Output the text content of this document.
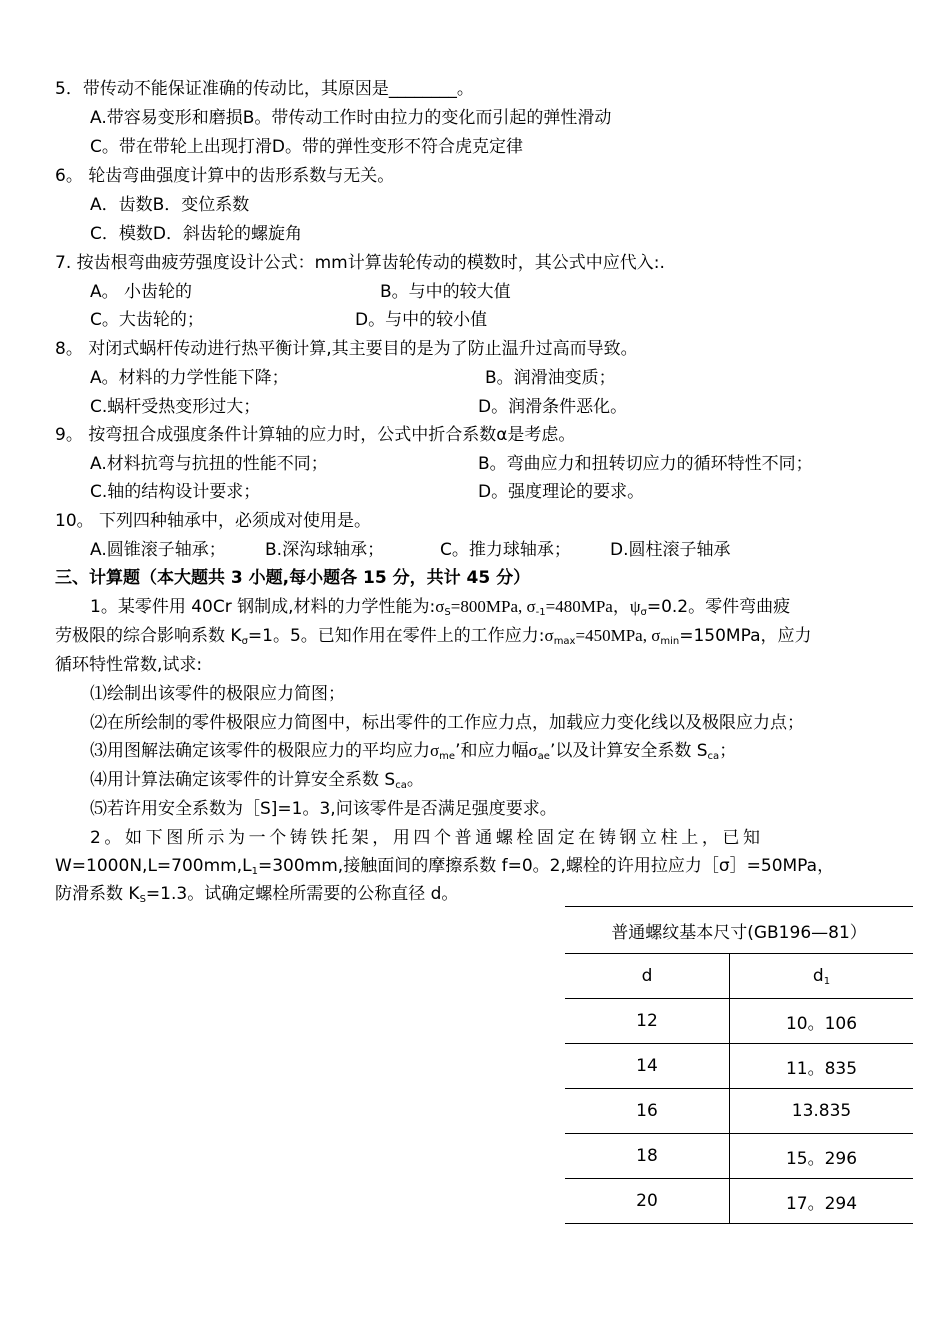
5．带传动不能保证准确的传动比，其原因是________。
A.带容易变形和磨损B。带传动工作时由拉力的变化而引起的弹性滑动
C。带在带轮上出现打滑D。带的弹性变形不符合虎克定律
6。 轮齿弯曲强度计算中的齿形系数与无关。
A．齿数B．变位系数
C．模数D．斜齿轮的螺旋角
7. 按齿根弯曲疲劳强度设计公式：mm计算齿轮传动的模数时，其公式中应代入:.
A。 小齿轮的	B。与中的较大值
C。大齿轮的；	D。与中的较小值
8。 对闭式蜗杆传动进行热平衡计算,其主要目的是为了防止温升过高而导致。
A。材料的力学性能下降；	B。润滑油变质；
C.蜗杆受热变形过大；	D。润滑条件恶化。
9。 按弯扭合成强度条件计算轴的应力时，公式中折合系数α是考虑。
A.材料抗弯与抗扭的性能不同；	B。弯曲应力和扭转切应力的循环特性不同；
C.轴的结构设计要求；	D。强度理论的要求。
10。 下列四种轴承中，必须成对使用是。
A.圆锥滚子轴承； B.深沟球轴承；	C。推力球轴承； D.圆柱滚子轴承
三、计算题（本大题共 3 小题,每小题各 15 分，共计 45 分）
1。某零件用 40Cr 钢制成,材料的力学性能为$:\sigma_S=800MPa$, $\sigma_{-1}=480MPa$，$\psi_\sigma=0.2$。零件弯曲疲
劳极限的综合影响系数 $K_\sigma=1$。5。已知作用在零件上的工作应力$:\sigma_{max}=450MPa$, $\sigma_{min}=150MPa$，应力
循环特性常数,试求:
⑴绘制出该零件的极限应力简图；
⑵在所绘制的零件极限应力简图中，标出零件的工作应力点，加载应力变化线以及极限应力点；
⑶用图解法确定该零件的极限应力的平均应力$\sigma_{me}$’和应力幅$\sigma_{ae}$’以及计算安全系数 $S_{ca}$；
⑷用计算法确定该零件的计算安全系数 $S_{ca}$。
⑸若许用安全系数为［S]=1。3,问该零件是否满足强度要求。
2。如下图所示为一个铸铁托架，用四个普通螺栓固定在铸钢立柱上，已知
$W=1000N,L=700mm,L_1=300mm$,接触面间的摩擦系数 f=0。2,螺栓的许用拉应力［σ］=50MPa，
防滑系数 $K_S=1.3$。试确定螺栓所需要的公称直径 d。
普通螺纹基本尺寸(GB196—81）	
d	$d_1$
12	10。106
14	11。835
16	13.835
18	15。296
20	17。294
